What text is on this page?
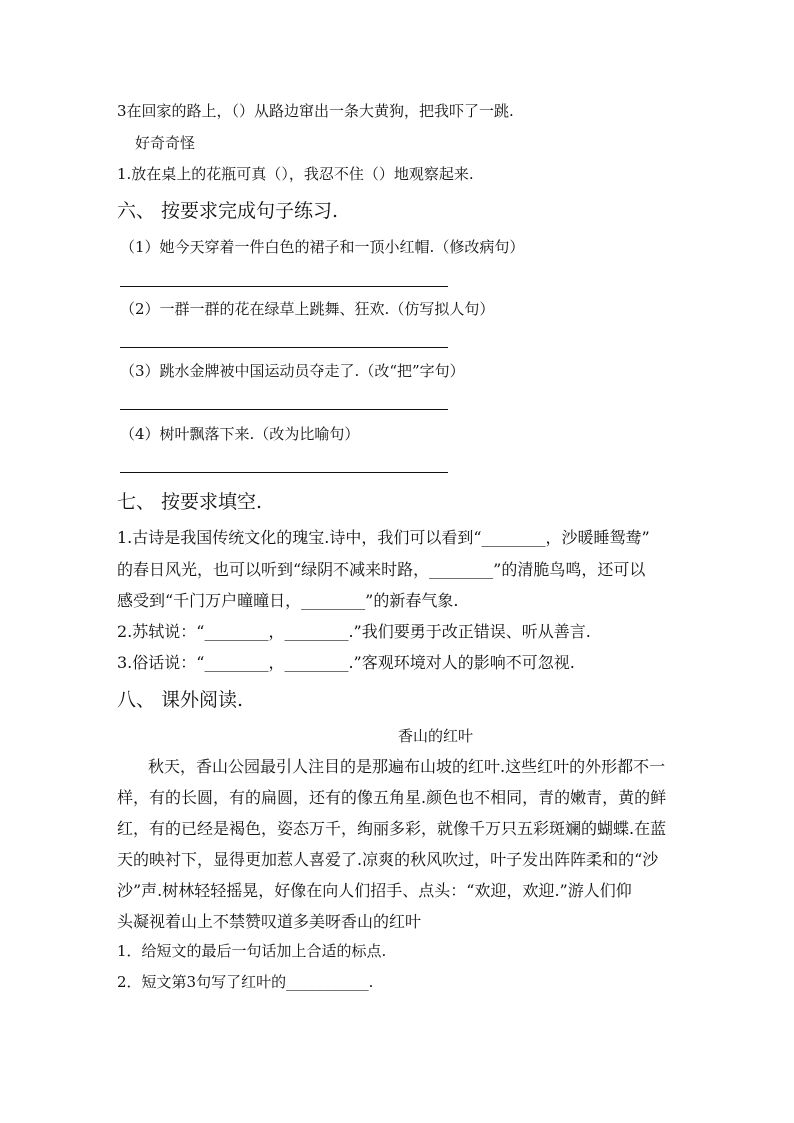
3在回家的路上，（）从路边窜出一条大黄狗，把我吓了一跳.
好奇奇怪
1.放在桌上的花瓶可真（），我忍不住（）地观察起来.
六、 按要求完成句子练习.
（1）她今天穿着一件白色的裙子和一顶小红帽.（修改病句）
（2）一群一群的花在绿草上跳舞、狂欢.（仿写拟人句）
（3）跳水金牌被中国运动员夺走了.（改“把”字句）
（4）树叶飘落下来.（改为比喻句）
七、 按要求填空.
1.古诗是我国传统文化的瑰宝.诗中，我们可以看到“________，沙暖睡鸳鸯”
的春日风光，也可以听到“绿阴不减来时路，________”的清脆鸟鸣，还可以
感受到“千门万户曈曈日，________”的新春气象.
2.苏轼说：“________，________.”我们要勇于改正错误、听从善言.
3.俗话说：“________，________.”客观环境对人的影响不可忽视.
八、 课外阅读.
香山的红叶
秋天，香山公园最引人注目的是那遍布山坡的红叶.这些红叶的外形都不一
样，有的长圆，有的扁圆，还有的像五角星.颜色也不相同，青的嫩青，黄的鲜
红，有的已经是褐色，姿态万千，绚丽多彩，就像千万只五彩斑斓的蝴蝶.在蓝
天的映衬下，显得更加惹人喜爱了.凉爽的秋风吹过，叶子发出阵阵柔和的“沙
沙”声.树林轻轻摇晃，好像在向人们招手、点头：“欢迎，欢迎.”游人们仰
头凝视着山上不禁赞叹道多美呀香山的红叶
1．给短文的最后一句话加上合适的标点.
2．短文第3句写了红叶的___________.
